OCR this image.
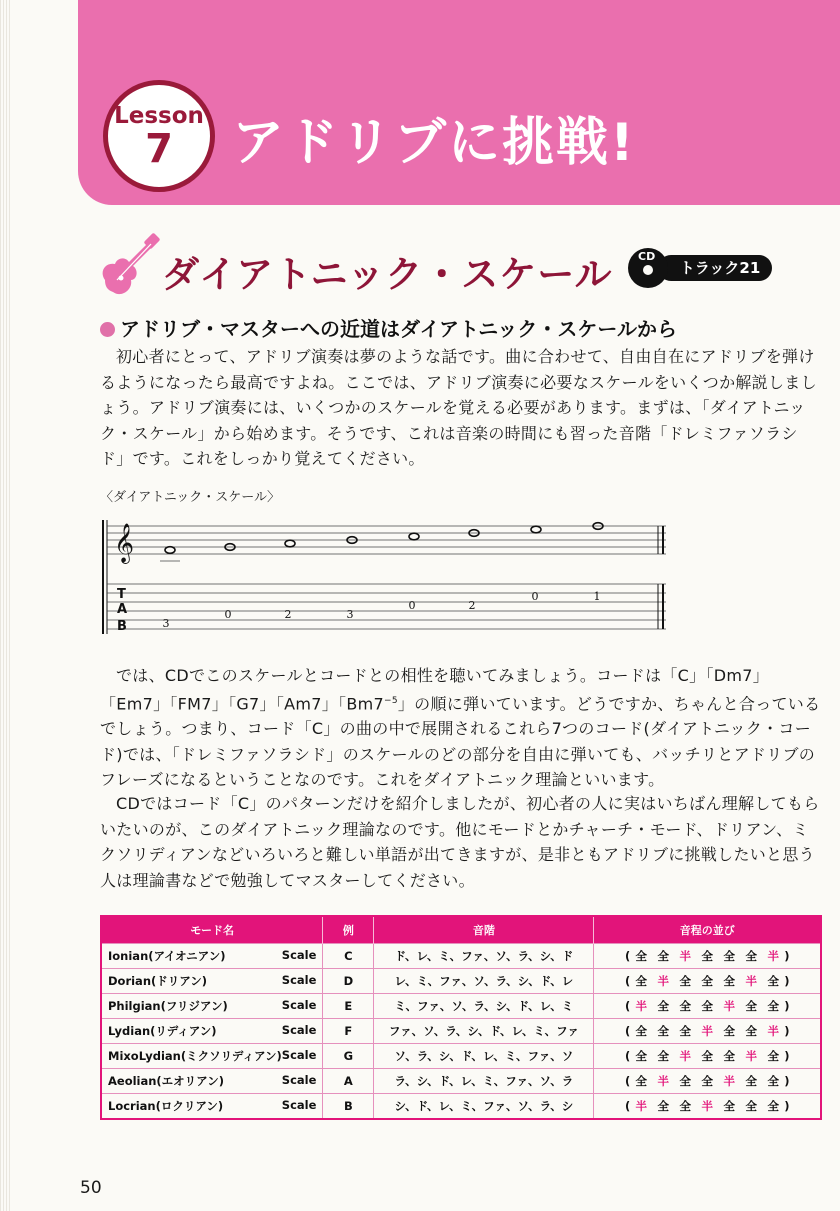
Lesson
7	アドリブに挑戦!
ダイアトニック・スケール	トラック21
CD
アドリブ・マスターへの近道はダイアトニック・スケールから

初心者にとって、アドリブ演奏は夢のような話です。曲に合わせて、自由自在にアドリブを弾けるようになったら最高ですよね。ここでは、アドリブ演奏に必要なスケールをいくつか解説しましょう。アドリブ演奏には、いくつかのスケールを覚える必要があります。まずは、「ダイアトニック・スケール」から始めます。そうです、これは音楽の時間にも習った音階「ドレミファソラシド」です。これをしっかり覚えてください。

〈ダイアトニック・スケール〉
𝄞
T
A
B	3
0	2	3
0	2
0	1

では、CDでこのスケールとコードとの相性を聴いてみましょう。コードは「C」「Dm7」「Em7」「FM7」「G7」「Am7」「$Bm7^{-5}$」の順に弾いています。どうですか、ちゃんと合っているでしょう。つまり、コード「C」の曲の中で展開されるこれら7つのコード(ダイアトニック・コード)では、「ドレミファソラシド」のスケールのどの部分を自由に弾いても、バッチリとアドリブのフレーズになるということなのです。これをダイアトニック理論といいます。

CDではコード「C」のパターンだけを紹介しましたが、初心者の人に実はいちばん理解してもらいたいのが、このダイアトニック理論なのです。他にモードとかチャーチ・モード、ドリアン、ミクソリディアンなどいろいろと難しい単語が出てきますが、是非ともアドリブに挑戦したいと思う人は理論書などで勉強してマスターしてください。

モード名	例	音階	音程の並び

Ionian(アイオニアン) Scale	C	ド、レ、ミ、ファ、ソ、ラ、シ、ド	( 全 全 半 全 全 全 半 )

Dorian(ドリアン) Scale	D	レ、ミ、ファ、ソ、ラ、シ、ド、レ	( 全 半 全 全 全 半 全 )

Philgian(フリジアン) Scale	E	ミ、ファ、ソ、ラ、シ、ド、レ、ミ	( 半 全 全 全 半 全 全 )

Lydian(リディアン) Scale	F	ファ、ソ、ラ、シ、ド、レ、ミ、ファ	( 全 全 全 半 全 全 半 )

MixoLydian(ミクソリディアン) Scale	G	ソ、ラ、シ、ド、レ、ミ、ファ、ソ	( 全 全 半 全 全 半 全 )

Aeolian(エオリアン) Scale	A	ラ、シ、ド、レ、ミ、ファ、ソ、ラ	( 全 半 全 全 半 全 全 )

Locrian(ロクリアン) Scale	B	シ、ド、レ、ミ、ファ、ソ、ラ、シ	( 半 全 全 半 全 全 全 )
50
